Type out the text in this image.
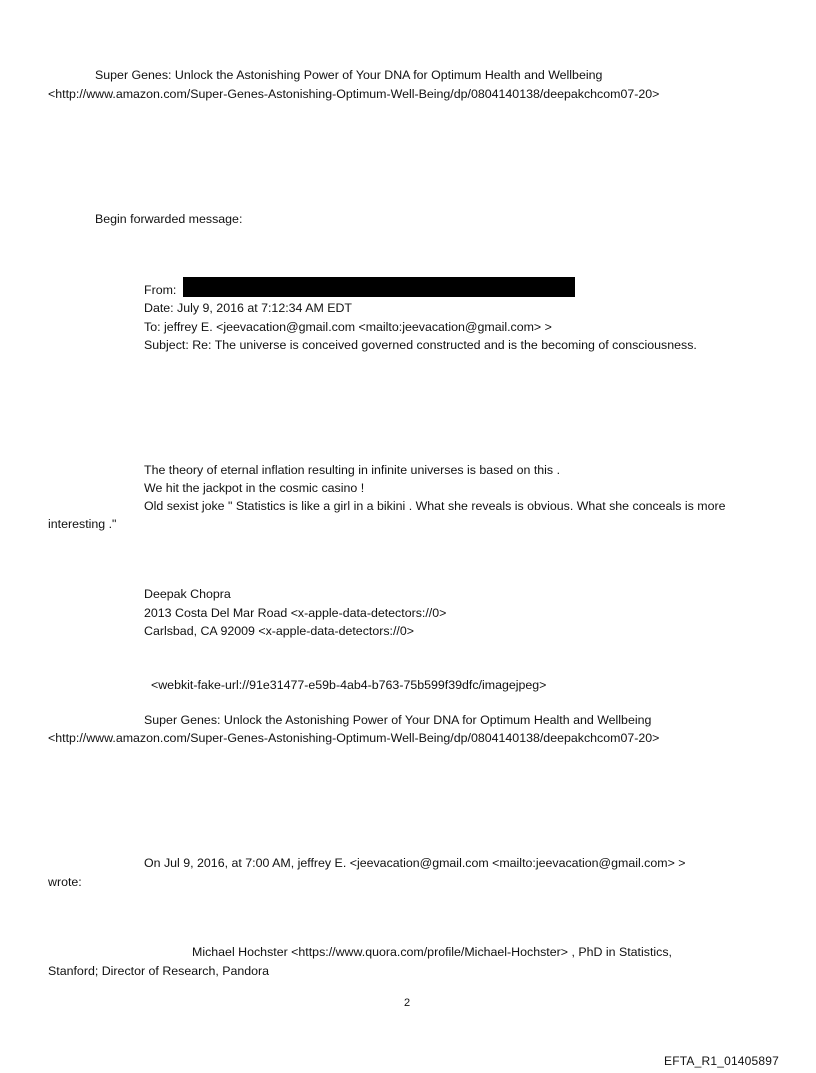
Super Genes: Unlock the Astonishing Power of Your DNA for Optimum Health and Wellbeing
<http://www.amazon.com/Super-Genes-Astonishing-Optimum-Well-Being/dp/0804140138/deepakchcom07-20>
Begin forwarded message:
From:
Date: July 9, 2016 at 7:12:34 AM EDT
To: jeffrey E. <jeevacation@gmail.com <mailto:jeevacation@gmail.com> >
Subject: Re: The universe is conceived governed constructed and is the becoming of consciousness.
The theory of eternal inflation resulting in infinite universes is based on this .
We hit the jackpot in the cosmic casino !
Old sexist joke " Statistics is like a girl in a bikini . What she reveals is obvious. What she conceals is more
interesting ."
Deepak Chopra
2013 Costa Del Mar Road <x-apple-data-detectors://0>
Carlsbad, CA 92009 <x-apple-data-detectors://0>
<webkit-fake-url://91e31477-e59b-4ab4-b763-75b599f39dfc/imagejpeg>
Super Genes: Unlock the Astonishing Power of Your DNA for Optimum Health and Wellbeing
<http://www.amazon.com/Super-Genes-Astonishing-Optimum-Well-Being/dp/0804140138/deepakchcom07-20>
On Jul 9, 2016, at 7:00 AM, jeffrey E. <jeevacation@gmail.com <mailto:jeevacation@gmail.com> >
wrote:
Michael Hochster <https://www.quora.com/profile/Michael-Hochster> , PhD in Statistics,
Stanford; Director of Research, Pandora
2
EFTA_R1_01405897
